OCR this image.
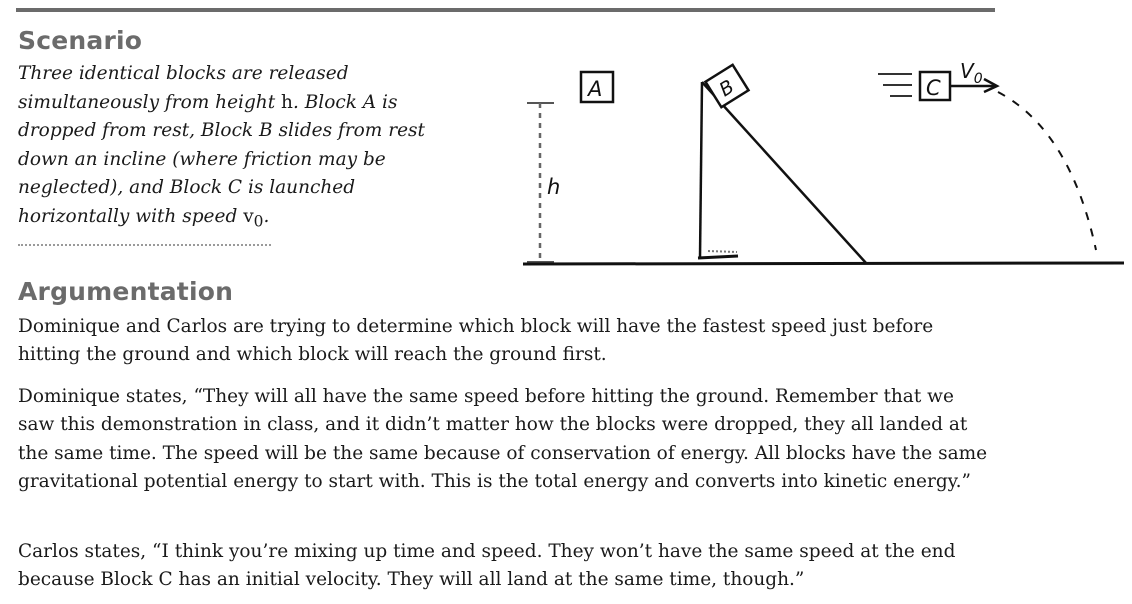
Scenario
Three identical blocks are released simultaneously from height h. Block A is dropped from rest, Block B slides from rest down an incline (where friction may be neglected), and Block C is launched horizontally with speed $v_0$.
h
A	B	C
$V_0$
Argumentation

Dominique and Carlos are trying to determine which block will have the fastest speed just before hitting the ground and which block will reach the ground first.

Dominique states, “They will all have the same speed before hitting the ground. Remember that we saw this demonstration in class, and it didn’t matter how the blocks were dropped, they all landed at the same time. The speed will be the same because of conservation of energy. All blocks have the same gravitational potential energy to start with. This is the total energy and converts into kinetic energy.”

Carlos states, “I think you’re mixing up time and speed. They won’t have the same speed at the end because Block C has an initial velocity. They will all land at the same time, though.”
